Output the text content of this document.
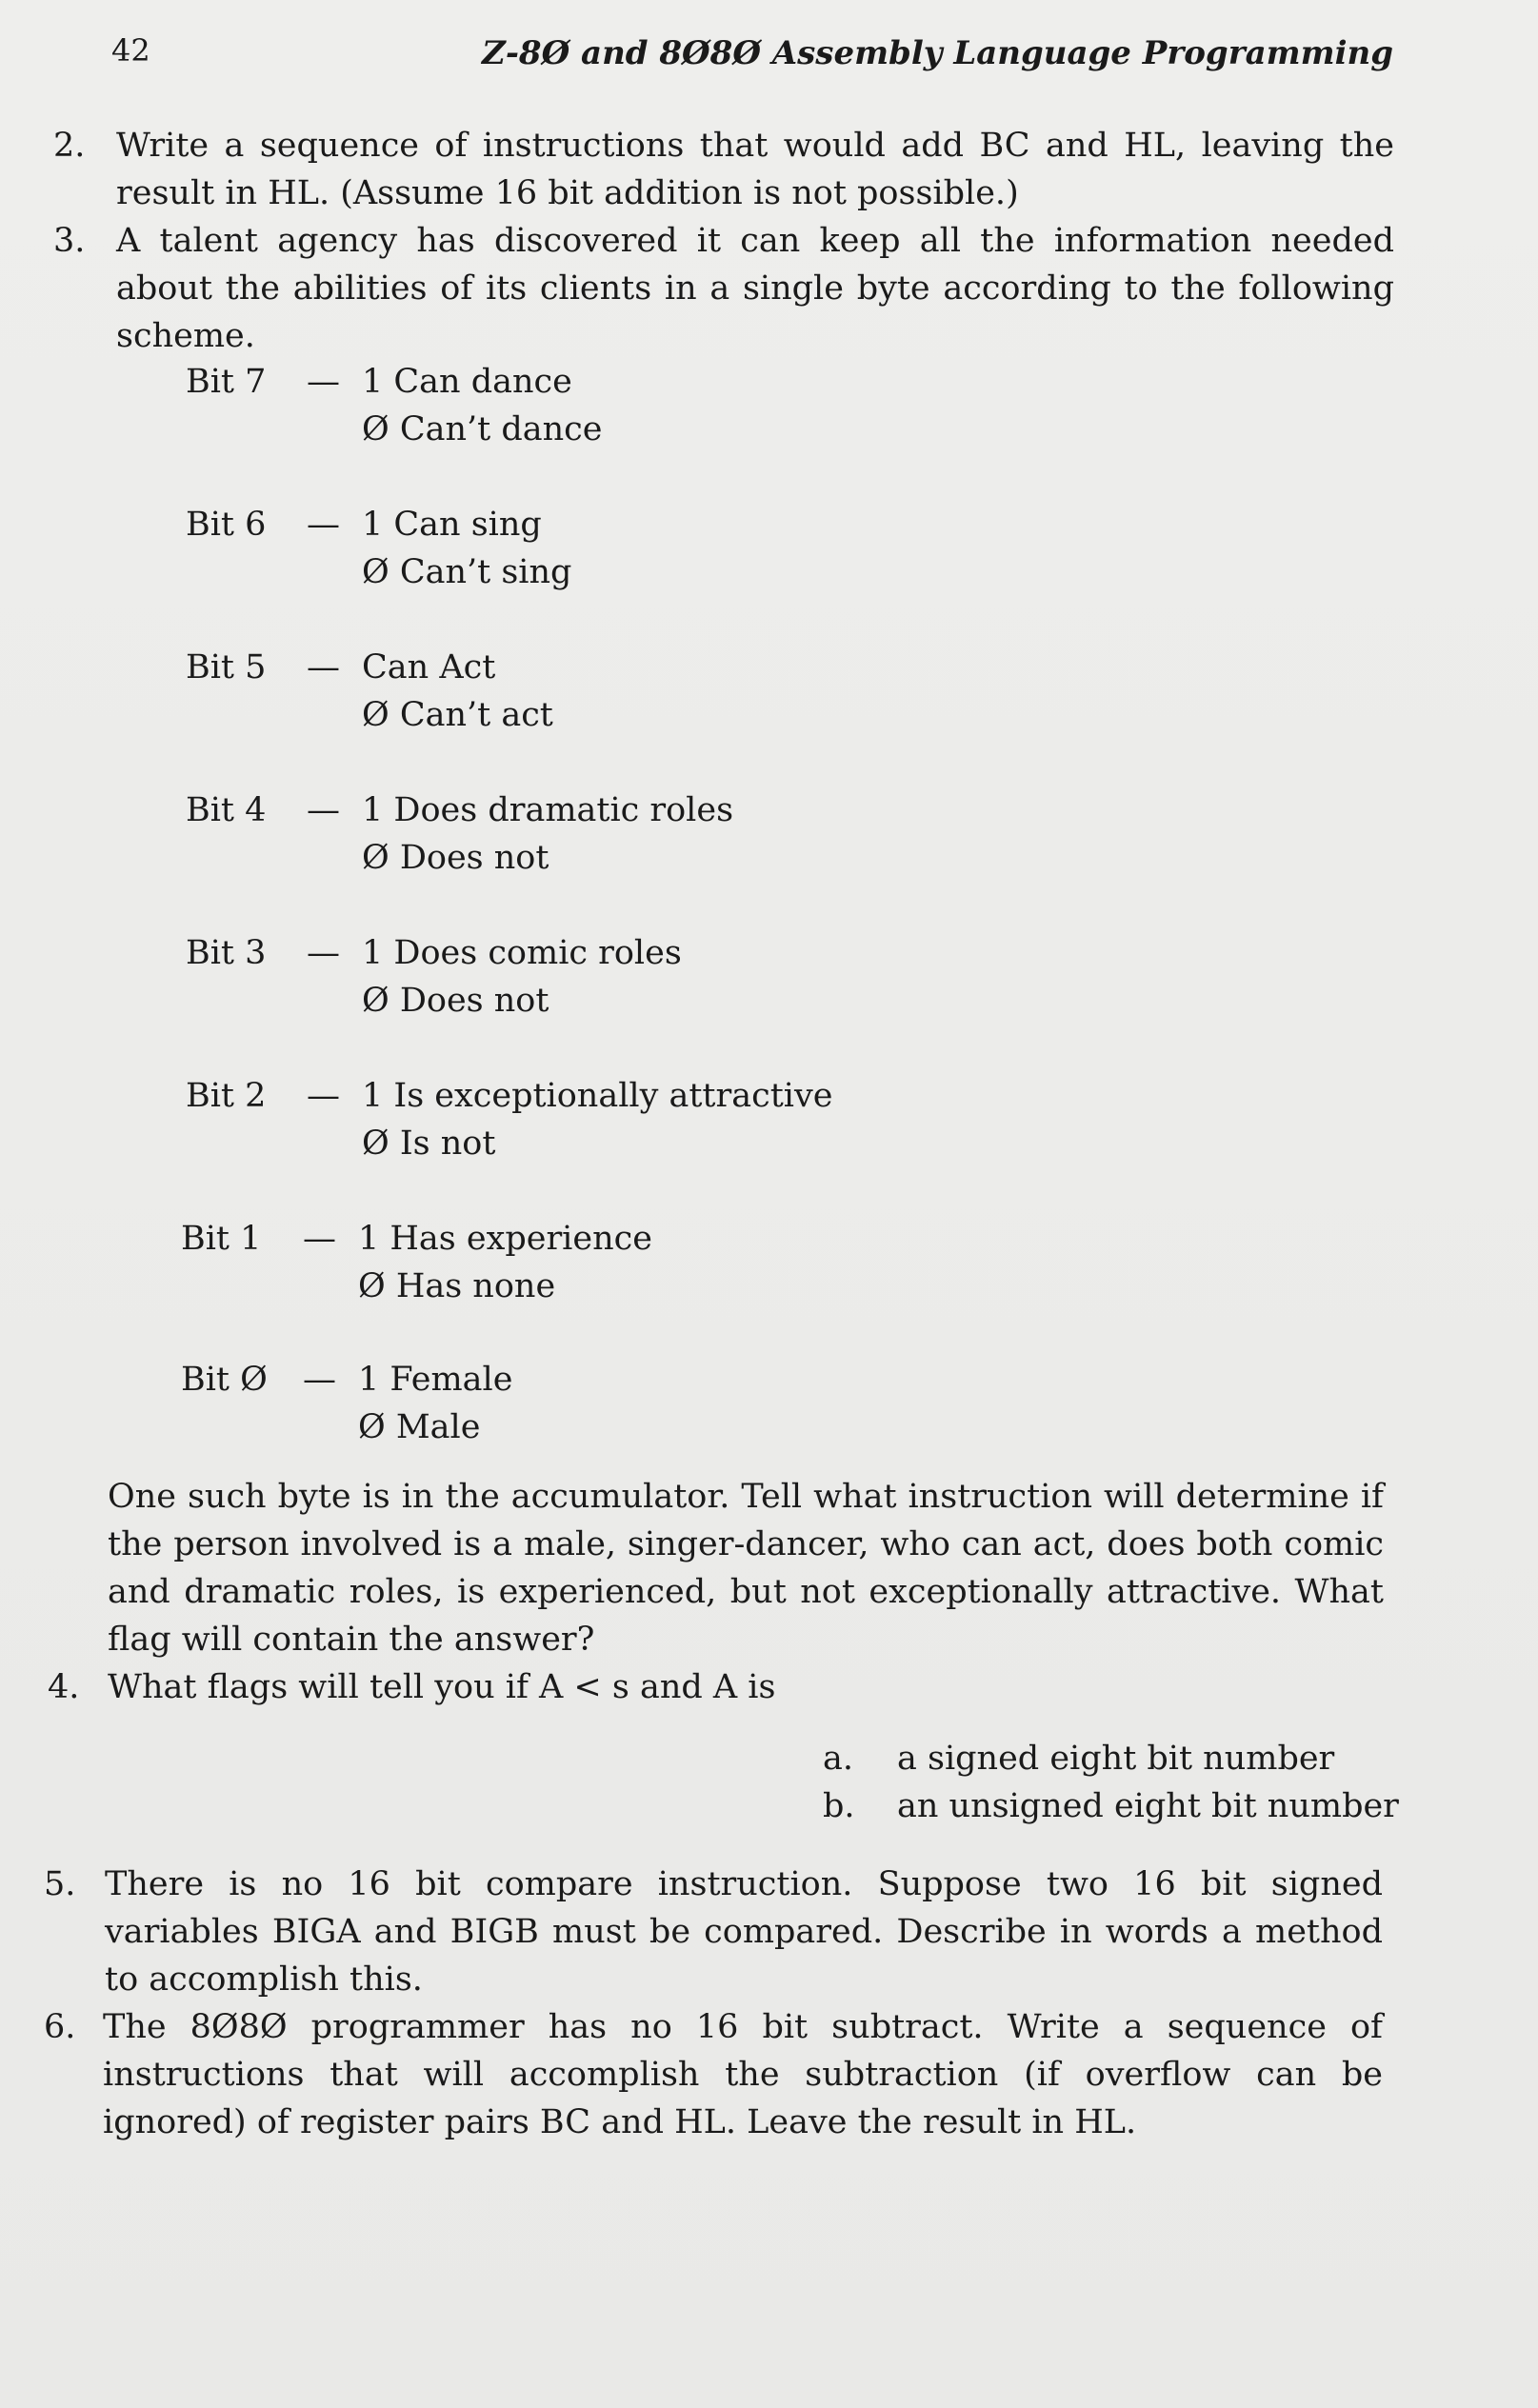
42	Z-8Ø and 8Ø8Ø Assembly Language Programming
2. Write a sequence of instructions that would add BC and HL, leaving the result in HL. (Assume 16 bit addition is not possible.)
3. A talent agency has discovered it can keep all the information needed about the abilities of its clients in a single byte according to the following scheme.
Bit 7 — 1 Can dance
Ø Can’t dance
Bit 6 — 1 Can sing
Ø Can’t sing
Bit 5 — Can Act
Ø Can’t act
Bit 4 — 1 Does dramatic roles
Ø Does not
Bit 3 — 1 Does comic roles
Ø Does not
Bit 2 — 1 Is exceptionally attractive
Ø Is not
Bit 1 — 1 Has experience
Ø Has none
Bit Ø — 1 Female
Ø Male
One such byte is in the accumulator. Tell what instruction will determine if the person involved is a male, singer-dancer, who can act, does both comic and dramatic roles, is experienced, but not exceptionally attractive. What flag will contain the answer?
4. What flags will tell you if A < s and A is
a. a signed eight bit number
b. an unsigned eight bit number
5. There is no 16 bit compare instruction. Suppose two 16 bit signed variables BIGA and BIGB must be compared. Describe in words a method to accomplish this.
6. The 8Ø8Ø programmer has no 16 bit subtract. Write a sequence of instructions that will accomplish the subtraction (if overflow can be ignored) of register pairs BC and HL. Leave the result in HL.
